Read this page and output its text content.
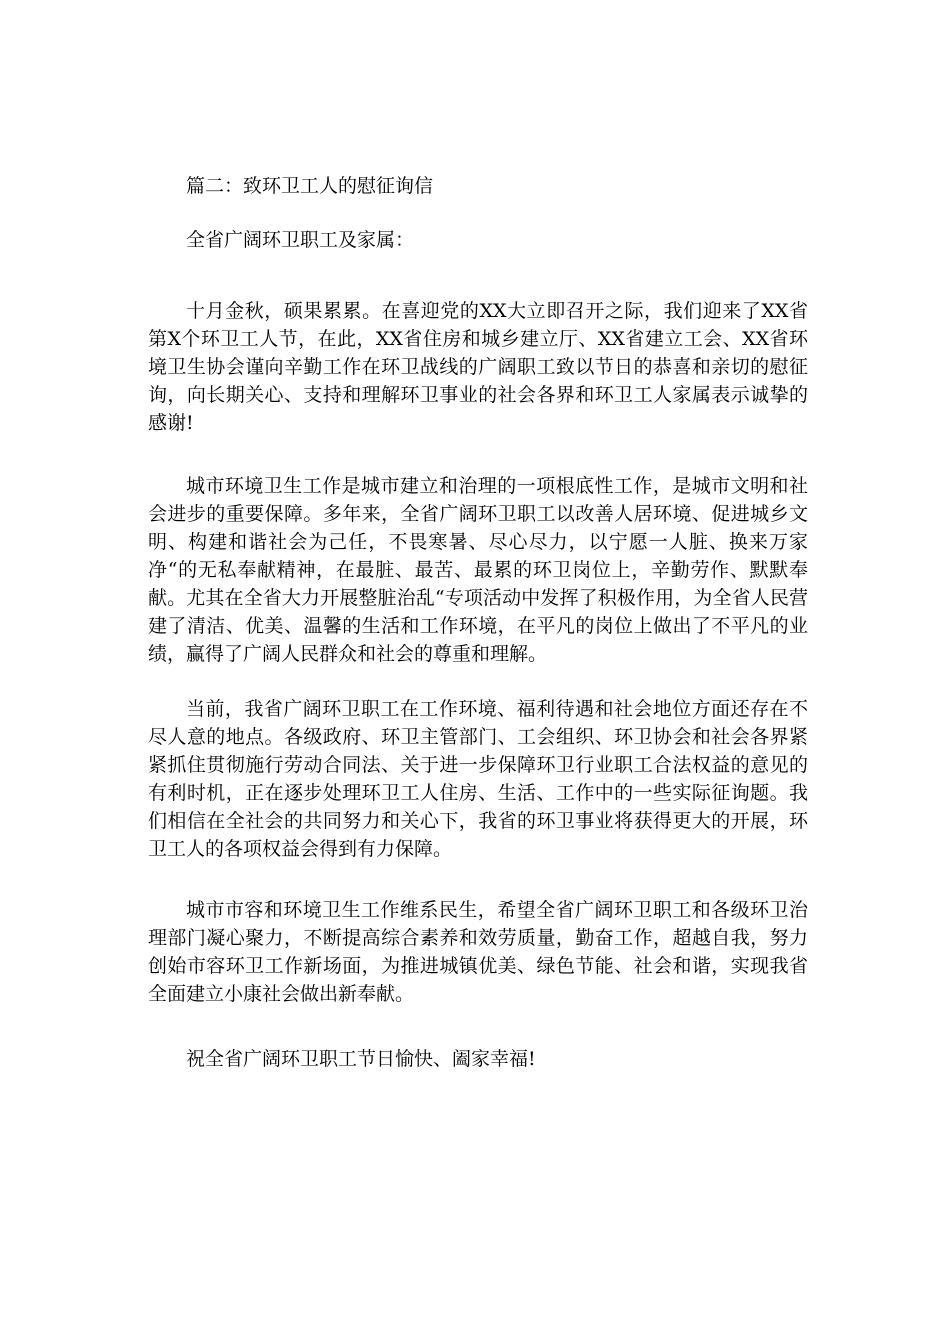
篇二：致环卫工人的慰征询信

全省广阔环卫职工及家属：

十月金秋，硕果累累。在喜迎党的XX大立即召开之际，我们迎来了XX省第X个环卫工人节，在此，XX省住房和城乡建立厅、XX省建立工会、XX省环境卫生协会谨向辛勤工作在环卫战线的广阔职工致以节日的恭喜和亲切的慰征询，向长期关心、支持和理解环卫事业的社会各界和环卫工人家属表示诚挚的感谢!

城市环境卫生工作是城市建立和治理的一项根底性工作，是城市文明和社会进步的重要保障。多年来，全省广阔环卫职工以改善人居环境、促进城乡文明、构建和谐社会为己任，不畏寒暑、尽心尽力，以宁愿一人脏、换来万家净“的无私奉献精神，在最脏、最苦、最累的环卫岗位上，辛勤劳作、默默奉献。尤其在全省大力开展整脏治乱“专项活动中发挥了积极作用，为全省人民营建了清洁、优美、温馨的生活和工作环境，在平凡的岗位上做出了不平凡的业绩，赢得了广阔人民群众和社会的尊重和理解。

当前，我省广阔环卫职工在工作环境、福利待遇和社会地位方面还存在不尽人意的地点。各级政府、环卫主管部门、工会组织、环卫协会和社会各界紧紧抓住贯彻施行劳动合同法、关于进一步保障环卫行业职工合法权益的意见的有利时机，正在逐步处理环卫工人住房、生活、工作中的一些实际征询题。我们相信在全社会的共同努力和关心下，我省的环卫事业将获得更大的开展，环卫工人的各项权益会得到有力保障。

城市市容和环境卫生工作维系民生，希望全省广阔环卫职工和各级环卫治理部门凝心聚力，不断提高综合素养和效劳质量，勤奋工作，超越自我，努力创始市容环卫工作新场面，为推进城镇优美、绿色节能、社会和谐，实现我省全面建立小康社会做出新奉献。

祝全省广阔环卫职工节日愉快、阖家幸福!
